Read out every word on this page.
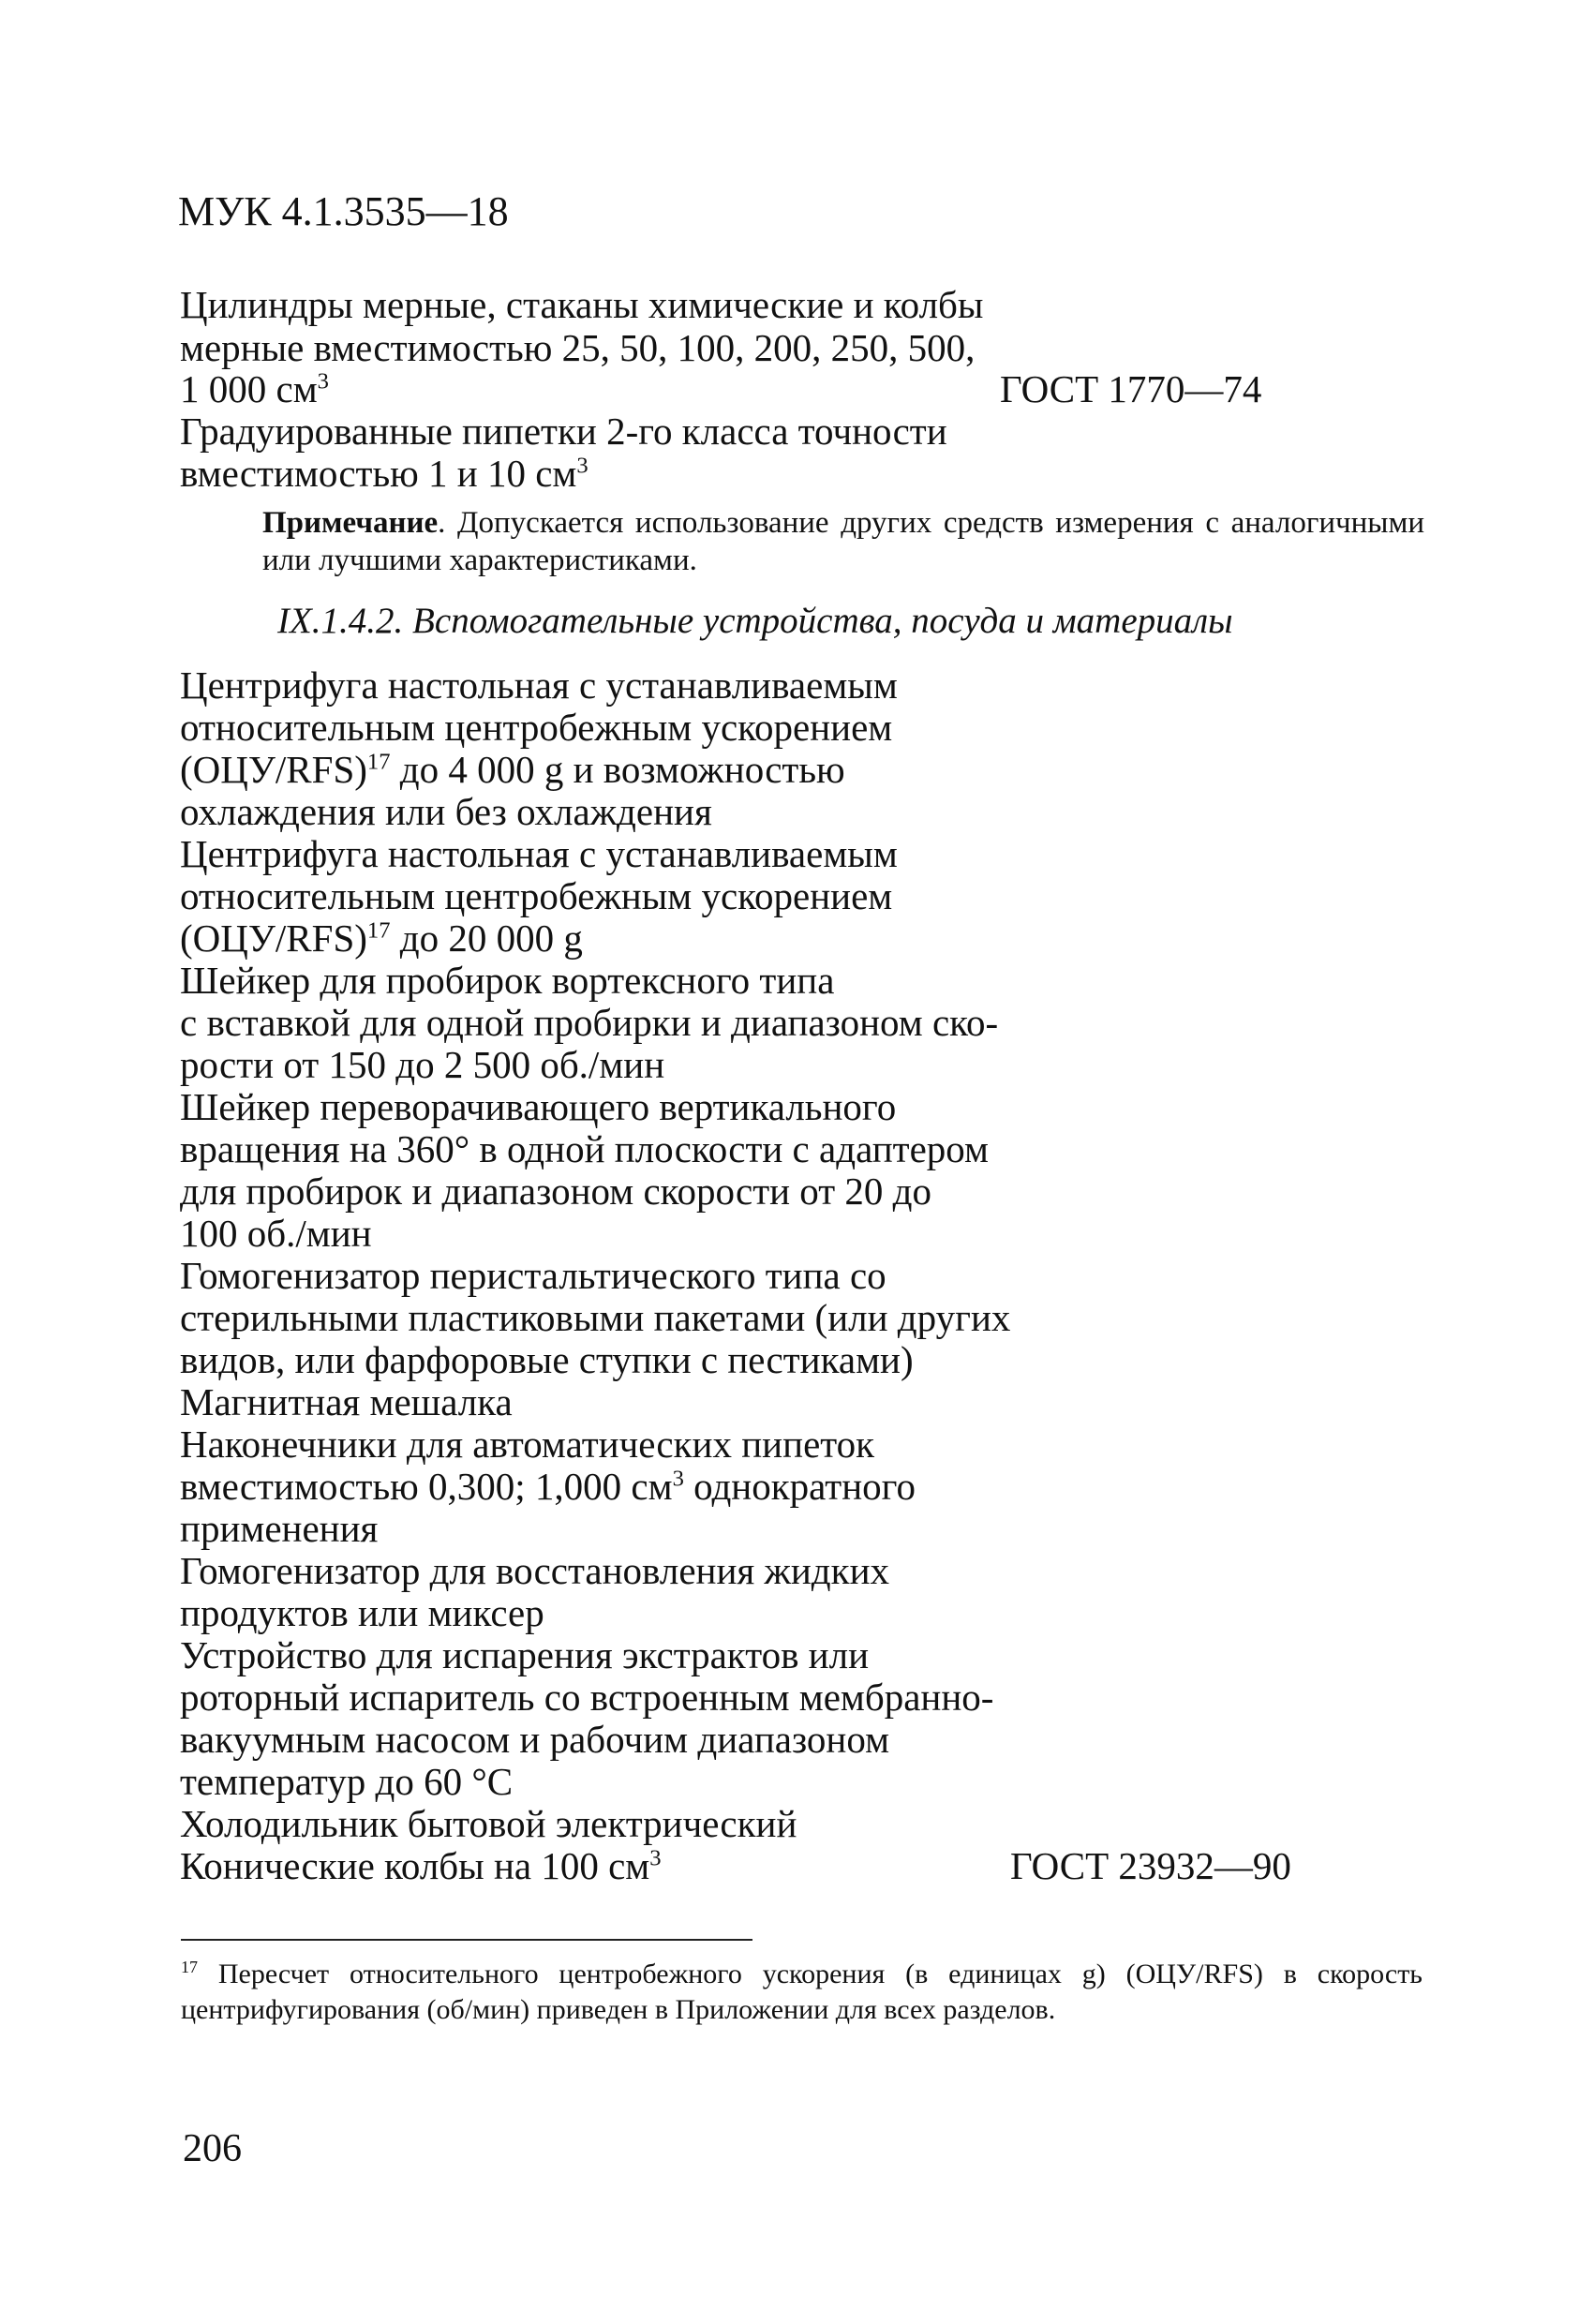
МУК 4.1.3535—18
Цилиндры мерные, стаканы химические и колбы
мерные вместимостью 25, 50, 100, 200, 250, 500,
1 000 $см^3$	ГОСТ 1770—74
Градуированные пипетки 2-го класса точности
вместимостью 1 и 10 $см^3$
Примечание. Допускается использование других средств измерения с аналогичными или лучшими характеристиками.
IX.1.4.2. Вспомогательные устройства, посуда и материалы
Центрифуга настольная с устанавливаемым
относительным центробежным ускорением
$(ОЦУ/RFS)^{17}$ до 4 000 g и возможностью
охлаждения или без охлаждения
Центрифуга настольная с устанавливаемым
относительным центробежным ускорением
$(ОЦУ/RFS)^{17}$ до 20 000 g
Шейкер для пробирок вортексного типа
с вставкой для одной пробирки и диапазоном ско-
рости от 150 до 2 500 об./мин
Шейкер переворачивающего вертикального
вращения на 360° в одной плоскости с адаптером
для пробирок и диапазоном скорости от 20 до
100 об./мин
Гомогенизатор перистальтического типа со
стерильными пластиковыми пакетами (или других
видов, или фарфоровые ступки с пестиками)
Магнитная мешалка
Наконечники для автоматических пипеток
вместимостью 0,300; 1,000 $см^3$ однократного
применения
Гомогенизатор для восстановления жидких
продуктов или миксер
Устройство для испарения экстрактов или
роторный испаритель со встроенным мембранно-
вакуумным насосом и рабочим диапазоном
температур до 60 °С
Холодильник бытовой электрический
Конические колбы на 100 $см^3$	ГОСТ 23932—90
$^{17}$ Пересчет относительного центробежного ускорения (в единицах g) (ОЦУ/RFS) в скорость центрифугирования (об/мин) приведен в Приложении для всех разделов.
206
